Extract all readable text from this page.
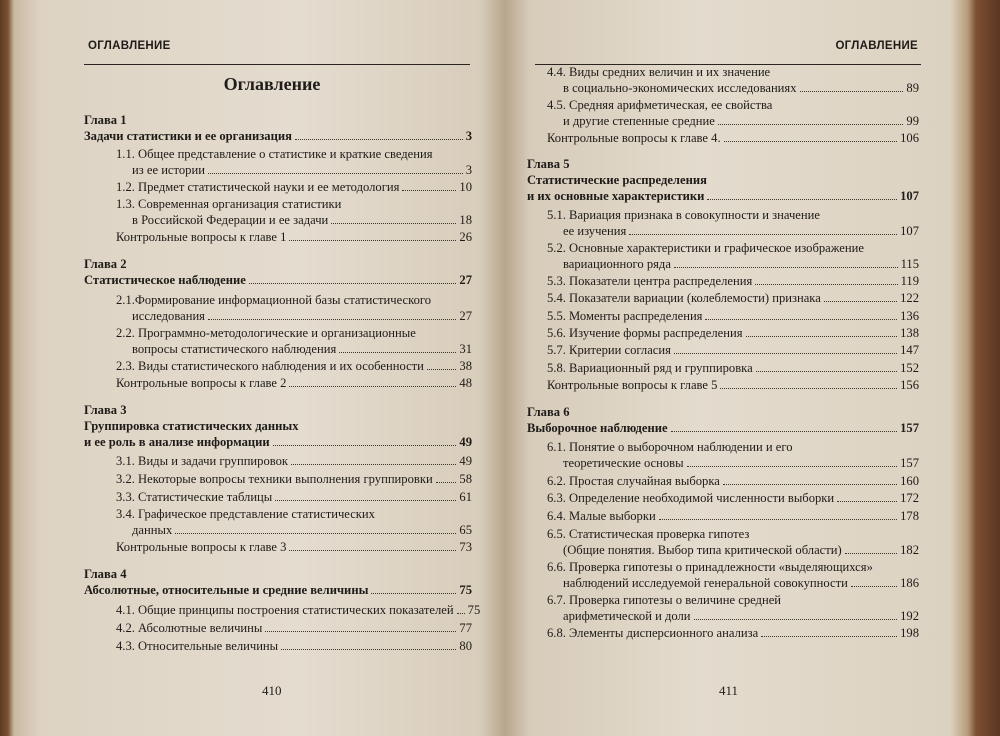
ОГЛАВЛЕНИЕ
Оглавление
Глава 1
Задачи статистики и ее организация	3
1.1. Общее представление о статистике и краткие сведения
из ее истории	3
1.2. Предмет статистической науки и ее методология	10
1.3. Современная организация статистики
в Российской Федерации и ее задачи	18
Контрольные вопросы к главе 1	26
Глава 2
Статистическое наблюдение	27
2.1.Формирование информационной базы статистического
исследования	27
2.2. Программно-методологические и организационные
вопросы статистического наблюдения	31
2.3. Виды статистического наблюдения и их особенности	38
Контрольные вопросы к главе 2	48
Глава 3
Группировка статистических данных
и ее роль в анализе информации	49
3.1. Виды и задачи группировок	49
3.2. Некоторые вопросы техники выполнения группировки 58
3.3. Статистические таблицы	61
3.4. Графическое представление статистических
данных	65
Контрольные вопросы к главе 3	73
Глава 4
Абсолютные, относительные и средние величины	75
4.1. Общие принципы построения статистических показателей 75
4.2. Абсолютные величины	77
4.3. Относительные величины	80
410
ОГЛАВЛЕНИЕ
4.4. Виды средних величин и их значение
в социально-экономических исследованиях	89
4.5. Средняя арифметическая, ее свойства
и другие степенные средние	99
Контрольные вопросы к главе 4.	106
Глава 5
Статистические распределения
и их основные характеристики	107
5.1. Вариация признака в совокупности и значение
ее изучения	107
5.2. Основные характеристики и графическое изображение
вариационного ряда	115
5.3. Показатели центра распределения	119
5.4. Показатели вариации (колеблемости) признака	122
5.5. Моменты распределения	136
5.6. Изучение формы распределения	138
5.7. Критерии согласия	147
5.8. Вариационный ряд и группировка	152
Контрольные вопросы к главе 5	156
Глава 6
Выборочное наблюдение	157
6.1. Понятие о выборочном наблюдении и его
теоретические основы	157
6.2. Простая случайная выборка	160
6.3. Определение необходимой численности выборки	172
6.4. Малые выборки	178
6.5. Статистическая проверка гипотез
(Общие понятия. Выбор типа критической области)	182
6.6. Проверка гипотезы о принадлежности «выделяющихся»
наблюдений исследуемой генеральной совокупности	186
6.7. Проверка гипотезы о величине средней
арифметической и доли	192
6.8. Элементы дисперсионного анализа	198
411
